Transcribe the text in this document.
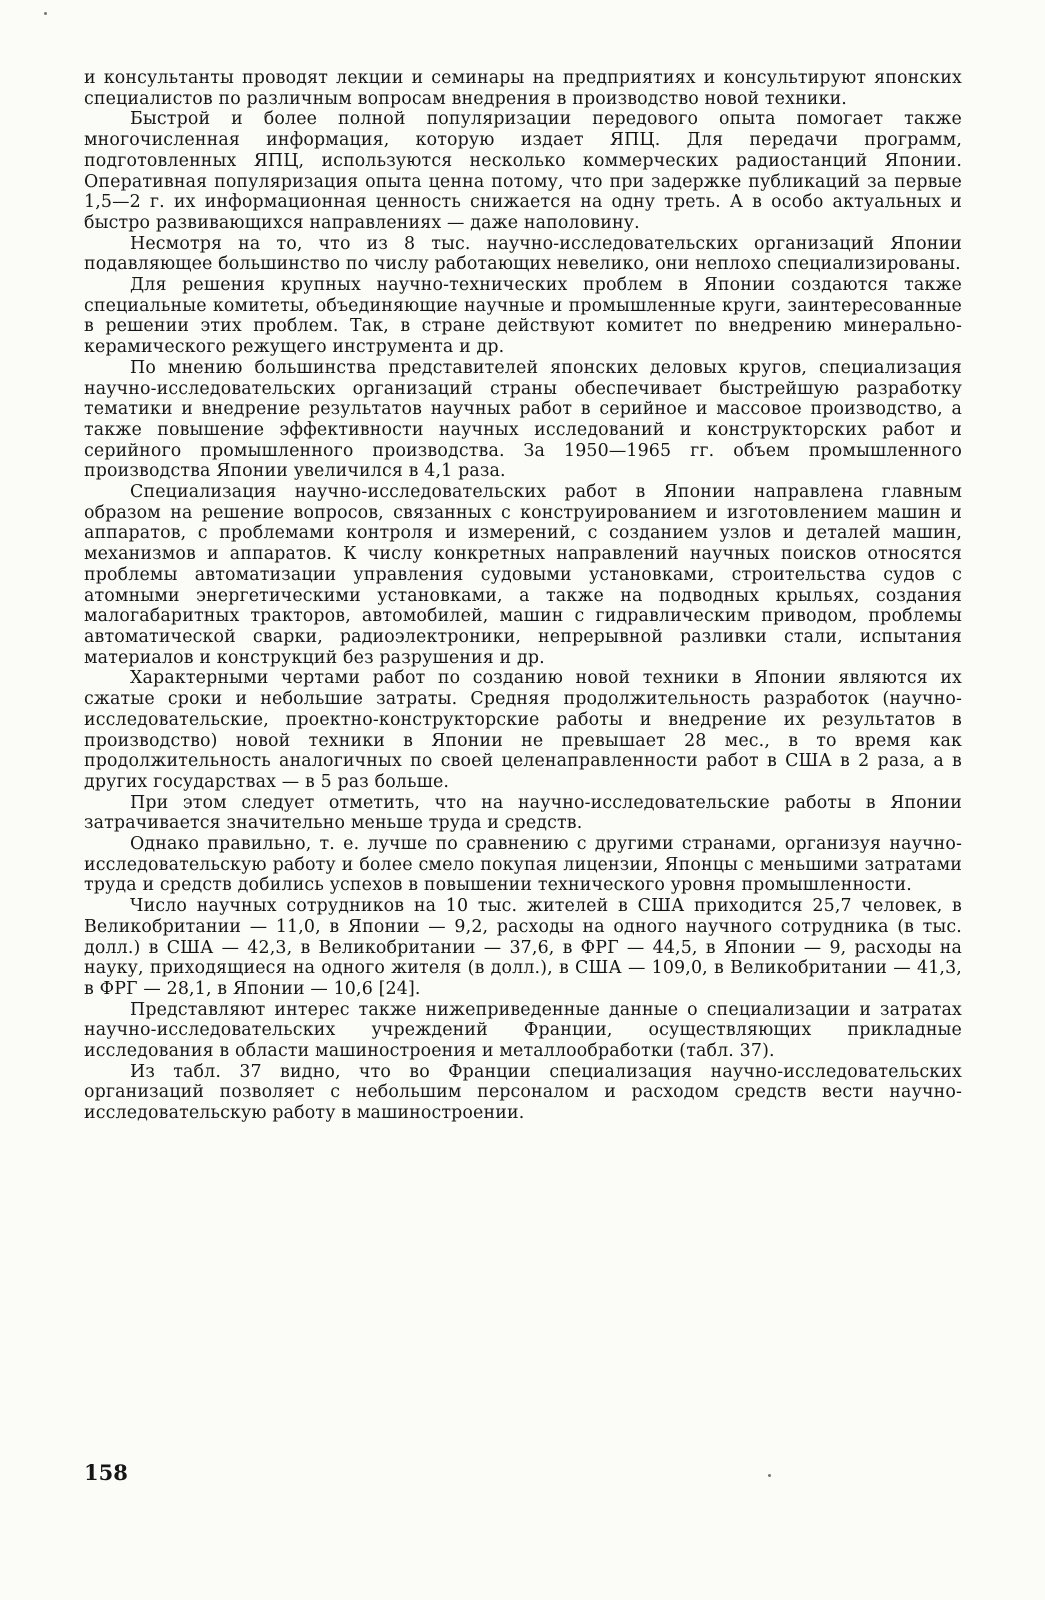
и консультанты проводят лекции и семинары на предприятиях и консультируют японских специалистов по различным вопросам внедрения в производство новой техники.

Быстрой и более полной популяризации передового опыта помогает также многочисленная информация, которую издает ЯПЦ. Для передачи программ, подготовленных ЯПЦ, используются несколько коммерческих радиостанций Японии. Оперативная популяризация опыта ценна потому, что при задержке публикаций за первые 1,5—2 г. их информационная ценность снижается на одну треть. А в особо актуальных и быстро развивающихся направлениях — даже наполовину.

Несмотря на то, что из 8 тыс. научно-исследовательских организаций Японии подавляющее большинство по числу работающих невелико, они неплохо специализированы.

Для решения крупных научно-технических проблем в Японии создаются также специальные комитеты, объединяющие научные и промышленные круги, заинтересованные в решении этих проблем. Так, в стране действуют комитет по внедрению минерально-керамического режущего инструмента и др.

По мнению большинства представителей японских деловых кругов, специализация научно-исследовательских организаций страны обеспечивает быстрейшую разработку тематики и внедрение результатов научных работ в серийное и массовое производство, а также повышение эффективности научных исследований и конструкторских работ и серийного промышленного производства. За 1950—1965 гг. объем промышленного производства Японии увеличился в 4,1 раза.

Специализация научно-исследовательских работ в Японии направлена главным образом на решение вопросов, связанных с конструированием и изготовлением машин и аппаратов, с проблемами контроля и измерений, с созданием узлов и деталей машин, механизмов и аппаратов. К числу конкретных направлений научных поисков относятся проблемы автоматизации управления судовыми установками, строительства судов с атомными энергетическими установками, а также на подводных крыльях, создания малогабаритных тракторов, автомобилей, машин с гидравлическим приводом, проблемы автоматической сварки, радиоэлектроники, непрерывной разливки стали, испытания материалов и конструкций без разрушения и др.

Характерными чертами работ по созданию новой техники в Японии являются их сжатые сроки и небольшие затраты. Средняя продолжительность разработок (научно-исследовательские, проектно-конструкторские работы и внедрение их результатов в производство) новой техники в Японии не превышает 28 мес., в то время как продолжительность аналогичных по своей целенаправленности работ в США в 2 раза, а в других государствах — в 5 раз больше.

При этом следует отметить, что на научно-исследовательские работы в Японии затрачивается значительно меньше труда и средств.

Однако правильно, т. е. лучше по сравнению с другими странами, организуя научно-исследовательскую работу и более смело покупая лицензии, Японцы с меньшими затратами труда и средств добились успехов в повышении технического уровня промышленности.

Число научных сотрудников на 10 тыс. жителей в США приходится 25,7 человек, в Великобритании — 11,0, в Японии — 9,2, расходы на одного научного сотрудника (в тыс. долл.) в США — 42,3, в Великобритании — 37,6, в ФРГ — 44,5, в Японии — 9, расходы на науку, приходящиеся на одного жителя (в долл.), в США — 109,0, в Великобритании — 41,3, в ФРГ — 28,1, в Японии — 10,6 [24].

Представляют интерес также нижеприведенные данные о специализации и затратах научно-исследовательских учреждений Франции, осуществляющих прикладные исследования в области машиностроения и металлообработки (табл. 37).

Из табл. 37 видно, что во Франции специализация научно-исследовательских организаций позволяет с небольшим персоналом и расходом средств вести научно-исследовательскую работу в машиностроении.

158
